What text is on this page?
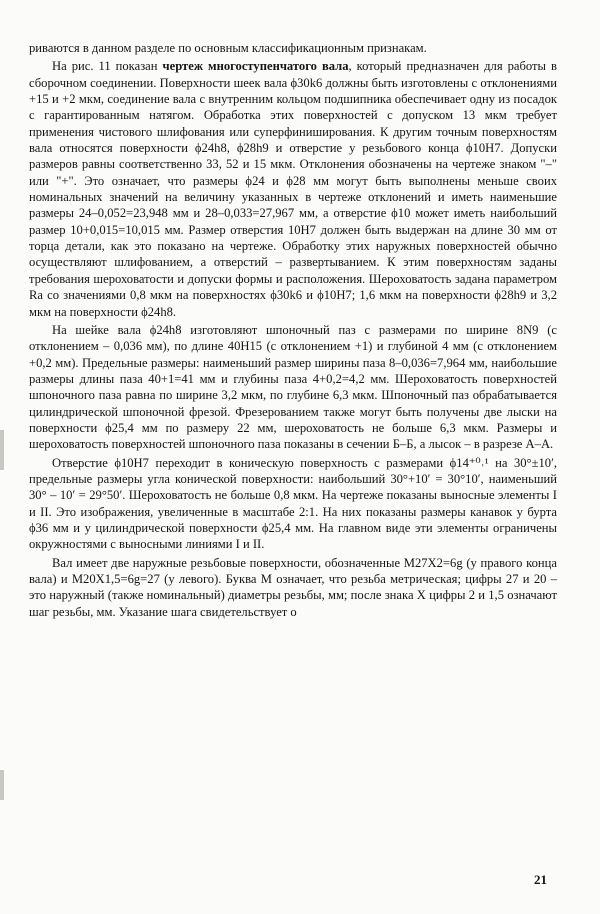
риваются в данном разделе по основным классификационным признакам.

На рис. 11 показан чертеж многоступенчатого вала, который предназначен для работы в сборочном соединении. Поверхности шеек вала ϕ30k6 должны быть изготовлены с отклонениями +15 и +2 мкм, соединение вала с внутренним кольцом подшипника обеспечивает одну из посадок с гарантированным натягом. Обработка этих поверхностей с допуском 13 мкм требует применения чистового шлифования или суперфиниширования. К другим точным поверхностям вала относятся поверхности ϕ24h8, ϕ28h9 и отверстие у резьбового конца ϕ10H7. Допуски размеров равны соответственно 33, 52 и 15 мкм. Отклонения обозначены на чертеже знаком "–" или "+". Это означает, что размеры ϕ24 и ϕ28 мм могут быть выполнены меньше своих номинальных значений на величину указанных в чертеже отклонений и иметь наименьшие размеры 24–0,052=23,948 мм и 28–0,033=27,967 мм, а отверстие ϕ10 может иметь наибольший размер 10+0,015=10,015 мм. Размер отверстия 10H7 должен быть выдержан на длине 30 мм от торца детали, как это показано на чертеже. Обработку этих наружных поверхностей обычно осуществляют шлифованием, а отверстий – развертыванием. К этим поверхностям заданы требования шероховатости и допуски формы и расположения. Шероховатость задана параметром Ra со значениями 0,8 мкм на поверхностях ϕ30k6 и ϕ10H7; 1,6 мкм на поверхности ϕ28h9 и 3,2 мкм на поверхности ϕ24h8.

На шейке вала ϕ24h8 изготовляют шпоночный паз с размерами по ширине 8N9 (с отклонением – 0,036 мм), по длине 40H15 (с отклонением +1) и глубиной 4 мм (с отклонением +0,2 мм). Предельные размеры: наименьший размер ширины паза 8–0,036=7,964 мм, наибольшие размеры длины паза 40+1=41 мм и глубины паза 4+0,2=4,2 мм. Шероховатость поверхностей шпоночного паза равна по ширине 3,2 мкм, по глубине 6,3 мкм. Шпоночный паз обрабатывается цилиндрической шпоночной фрезой. Фрезерованием также могут быть получены две лыски на поверхности ϕ25,4 мм по размеру 22 мм, шероховатость не больше 6,3 мкм. Размеры и шероховатость поверхностей шпоночного паза показаны в сечении Б–Б, а лысок – в разрезе А–А.

Отверстие ϕ10H7 переходит в коническую поверхность с размерами ϕ14⁺⁰˒¹ на 30°±10′, предельные размеры угла конической поверхности: наибольший 30°+10′ = 30°10′, наименьший 30° – 10′ = 29°50′. Шероховатость не больше 0,8 мкм. На чертеже показаны выносные элементы I и II. Это изображения, увеличенные в масштабе 2:1. На них показаны размеры канавок у бурта ϕ36 мм и у цилиндрической поверхности ϕ25,4 мм. На главном виде эти элементы ограничены окружностями с выносными линиями I и II.

Вал имеет две наружные резьбовые поверхности, обозначенные M27X2=6g (у правого конца вала) и M20X1,5=6g=27 (у левого). Буква M означает, что резьба метрическая; цифры 27 и 20 – это наружный (также номинальный) диаметры резьбы, мм; после знака X цифры 2 и 1,5 означают шаг резьбы, мм. Указание шага свидетельствует о

21
